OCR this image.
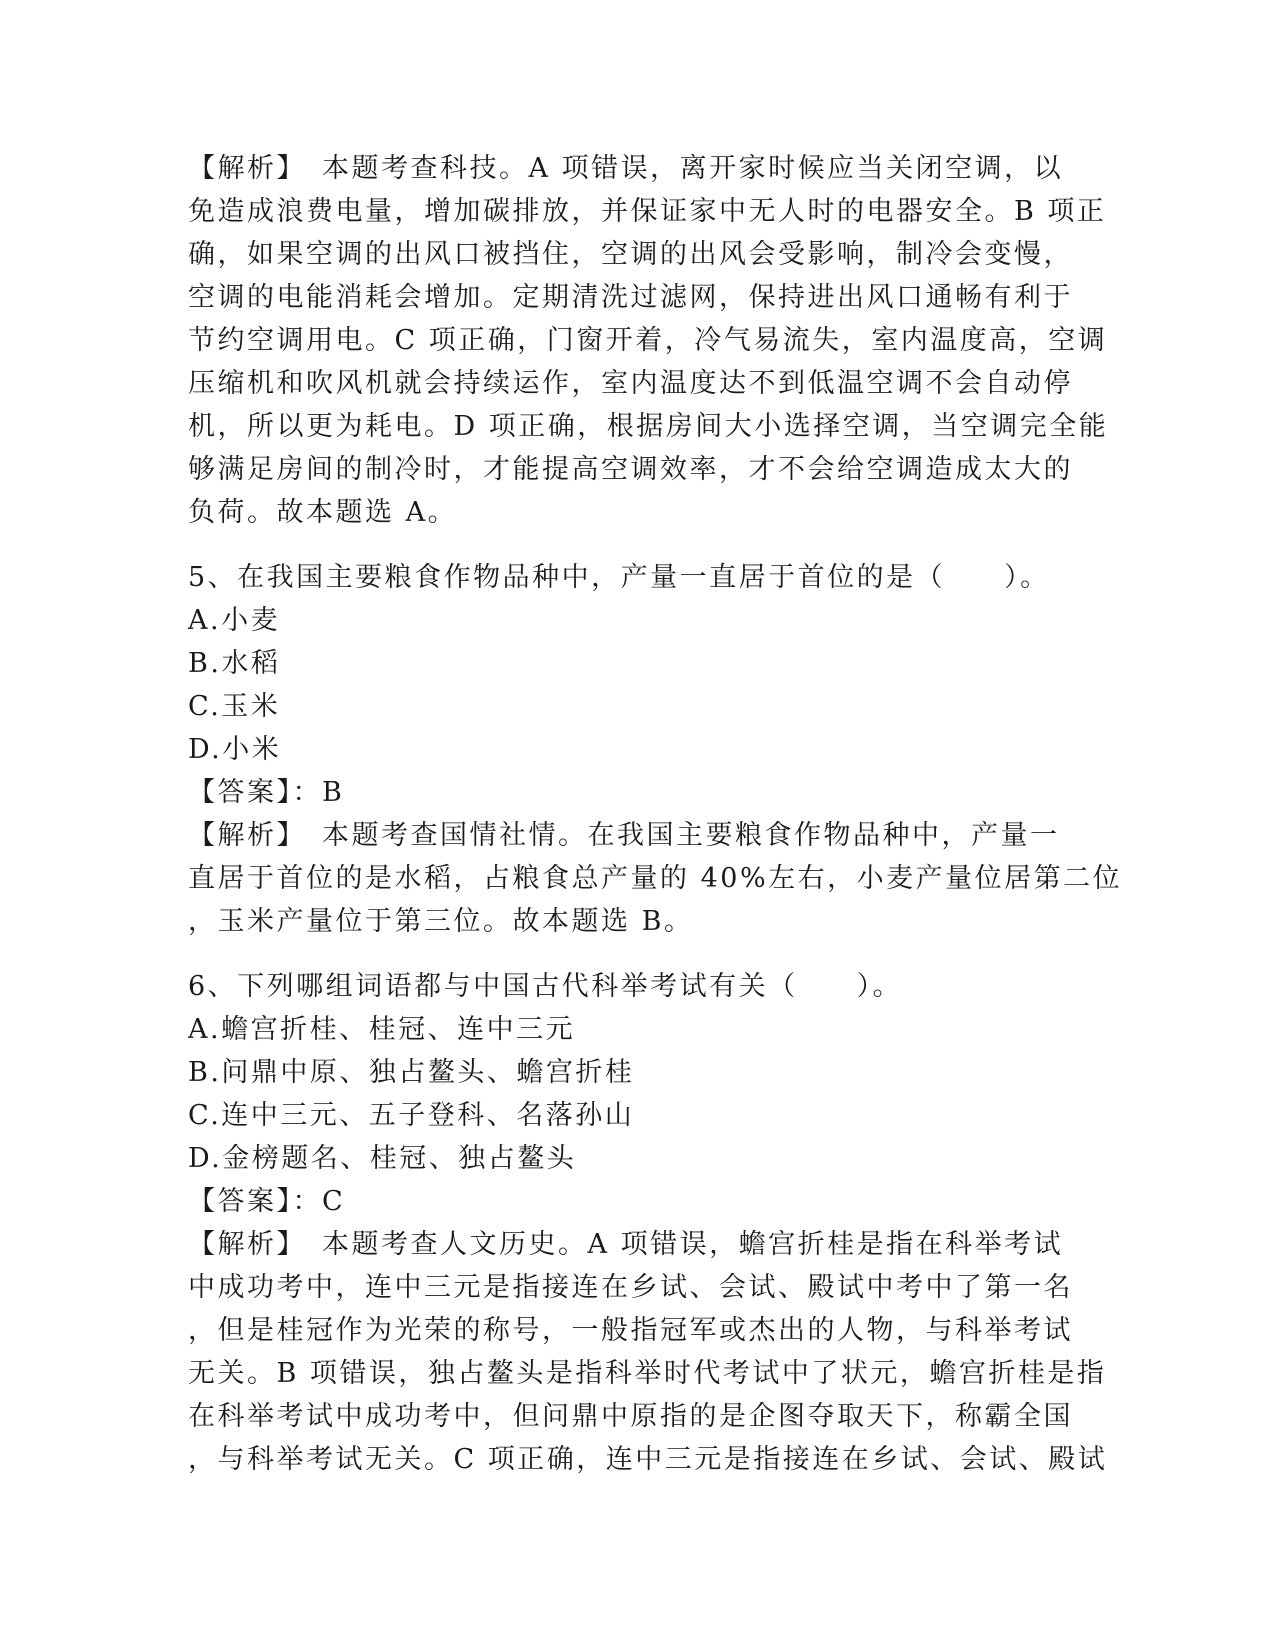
【解析】　本题考查科技。A 项错误，离开家时候应当关闭空调，以
免造成浪费电量，增加碳排放，并保证家中无人时的电器安全。B 项正
确，如果空调的出风口被挡住，空调的出风会受影响，制冷会变慢，
空调的电能消耗会增加。定期清洗过滤网，保持进出风口通畅有利于
节约空调用电。C 项正确，门窗开着，冷气易流失，室内温度高，空调
压缩机和吹风机就会持续运作，室内温度达不到低温空调不会自动停
机，所以更为耗电。D 项正确，根据房间大小选择空调，当空调完全能
够满足房间的制冷时，才能提高空调效率，才不会给空调造成太大的
负荷。故本题选 A。
5、在我国主要粮食作物品种中，产量一直居于首位的是（　　）。
A.小麦
B.水稻
C.玉米
D.小米
【答案】：B
【解析】　本题考查国情社情。在我国主要粮食作物品种中，产量一
直居于首位的是水稻，占粮食总产量的 40%左右，小麦产量位居第二位
，玉米产量位于第三位。故本题选 B。
6、下列哪组词语都与中国古代科举考试有关（　　）。
A.蟾宫折桂、桂冠、连中三元
B.问鼎中原、独占鳌头、蟾宫折桂
C.连中三元、五子登科、名落孙山
D.金榜题名、桂冠、独占鳌头
【答案】：C
【解析】　本题考查人文历史。A 项错误，蟾宫折桂是指在科举考试
中成功考中，连中三元是指接连在乡试、会试、殿试中考中了第一名
，但是桂冠作为光荣的称号，一般指冠军或杰出的人物，与科举考试
无关。B 项错误，独占鳌头是指科举时代考试中了状元，蟾宫折桂是指
在科举考试中成功考中，但问鼎中原指的是企图夺取天下，称霸全国
，与科举考试无关。C 项正确，连中三元是指接连在乡试、会试、殿试
